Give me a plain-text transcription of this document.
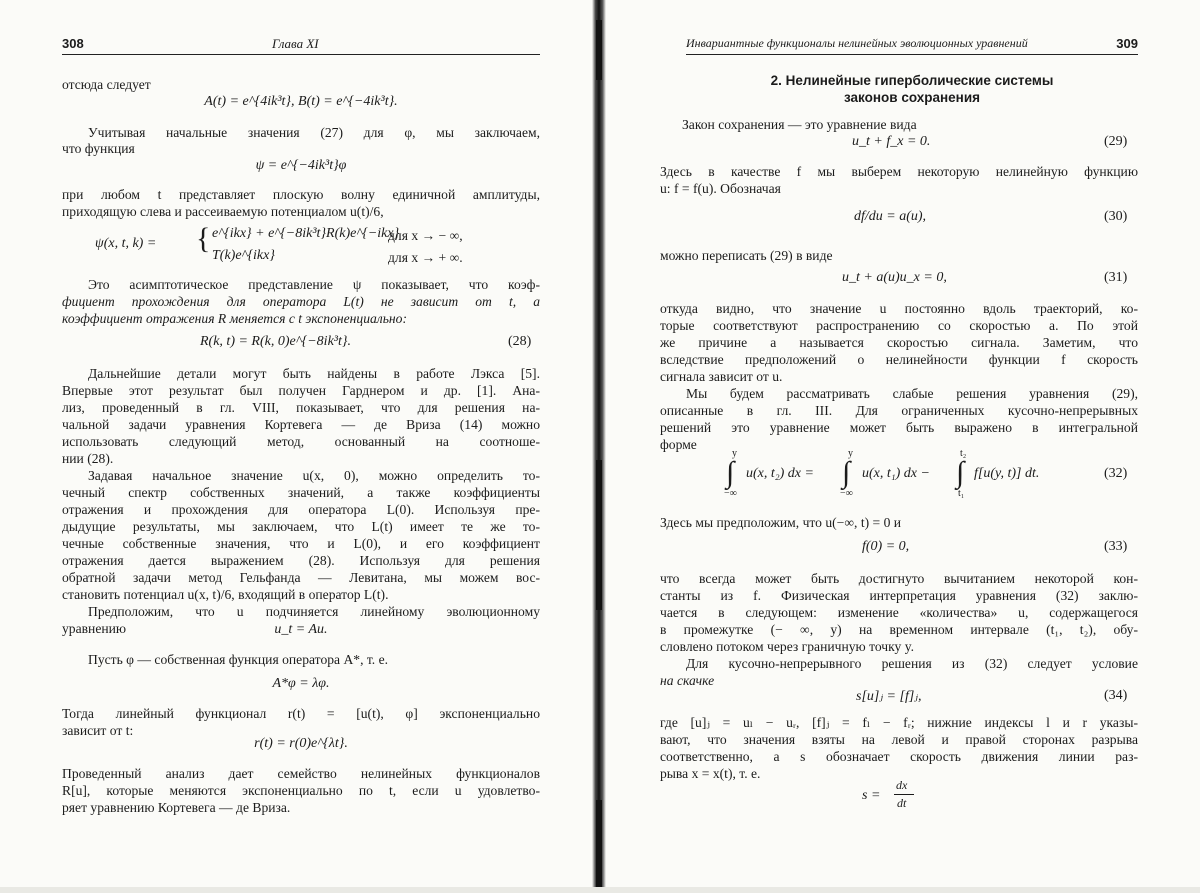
308	Глава XI
отсюда следует
A(t) = e^{4ik³t}, B(t) = e^{−4ik³t}.
Учитывая начальные значения (27) для φ, мы заключаем,
что функция
ψ = e^{−4ik³t}φ
при любом t представляет плоскую волну единичной амплитуды,
приходящую слева и рассеиваемую потенциалом u(t)/6,
ψ(x, t, k) = { e^{ikx} + e^{−8ik³t}R(k)e^{−ikx}
для x → − ∞,
T(k)e^{ikx}	для x → + ∞.
Это асимптотическое представление ψ показывает, что коэф-
фициент прохождения для оператора L(t) не зависит от t, а
коэффициент отражения R меняется с t экспоненциально:
R(k, t) = R(k, 0)e^{−8ik³t}.	(28)
Дальнейшие детали могут быть найдены в работе Лэкса [5].
Впервые этот результат был получен Гарднером и др. [1]. Ана-
лиз, проведенный в гл. VIII, показывает, что для решения на-
чальной задачи уравнения Кортевега — де Вриза (14) можно
использовать следующий метод, основанный на соотноше-
нии (28).
Задавая начальное значение u(x, 0), можно определить то-
чечный спектр собственных значений, а также коэффициенты
отражения и прохождения для оператора L(0). Используя пре-
дыдущие результаты, мы заключаем, что L(t) имеет те же то-
чечные собственные значения, что и L(0), и его коэффициент
отражения дается выражением (28). Используя для решения
обратной задачи метод Гельфанда — Левитана, мы можем вос-
становить потенциал u(x, t)/6, входящий в оператор L(t).
Предположим, что u подчиняется линейному эволюционному
уравнению	u_t = Au.
Пусть φ — собственная функция оператора A*, т. е.
A*φ = λφ.
Тогда линейный функционал r(t) = [u(t), φ] экспоненциально
зависит от t:
r(t) = r(0)e^{λt}.
Проведенный анализ дает семейство нелинейных функционалов
R[u], которые меняются экспоненциально по t, если u удовлетво-
ряет уравнению Кортевега — де Вриза.
Инвариантные функционалы нелинейных эволюционных уравнений	309
2. Нелинейные гиперболические системы
законов сохранения
Закон сохранения — это уравнение вида
u_t + f_x = 0.	(29)
Здесь в качестве f мы выберем некоторую нелинейную функцию
u: f = f(u). Обозначая
df/du = a(u),	(30)
можно переписать (29) в виде
u_t + a(u)u_x = 0,	(31)
откуда видно, что значение u постоянно вдоль траекторий, ко-
торые соответствуют распространению со скоростью a. По этой
же причине a называется скоростью сигнала. Заметим, что
вследствие предположений о нелинейности функции f скорость
сигнала зависит от u.
Мы будем рассматривать слабые решения уравнения (29),
описанные в гл. III. Для ограниченных кусочно-непрерывных
решений это уравнение может быть выражено в интегральной
форме
∫
y
−∞
u(x, t₂) dx = ∫
y
−∞
u(x, t₁) dx − ∫
t₂
t₁
f[u(y, t)] dt.	(32)
Здесь мы предположим, что u(−∞, t) = 0 и
f(0) = 0,	(33)
что всегда может быть достигнуто вычитанием некоторой кон-
станты из f. Физическая интерпретация уравнения (32) заклю-
чается в следующем: изменение «количества» u, содержащегося
в промежутке (− ∞, y) на временном интервале (t₁, t₂), обу-
словлено потоком через граничную точку y.
Для кусочно-непрерывного решения из (32) следует условие
на скачке
s[u]ⱼ = [f]ⱼ,	(34)
где [u]ⱼ = uₗ − uᵣ, [f]ⱼ = fₗ − fᵣ; нижние индексы l и r указы-
вают, что значения взяты на левой и правой сторонах разрыва
соответственно, а s обозначает скорость движения линии раз-
рыва x = x(t), т. е.
s =
dx
dt
